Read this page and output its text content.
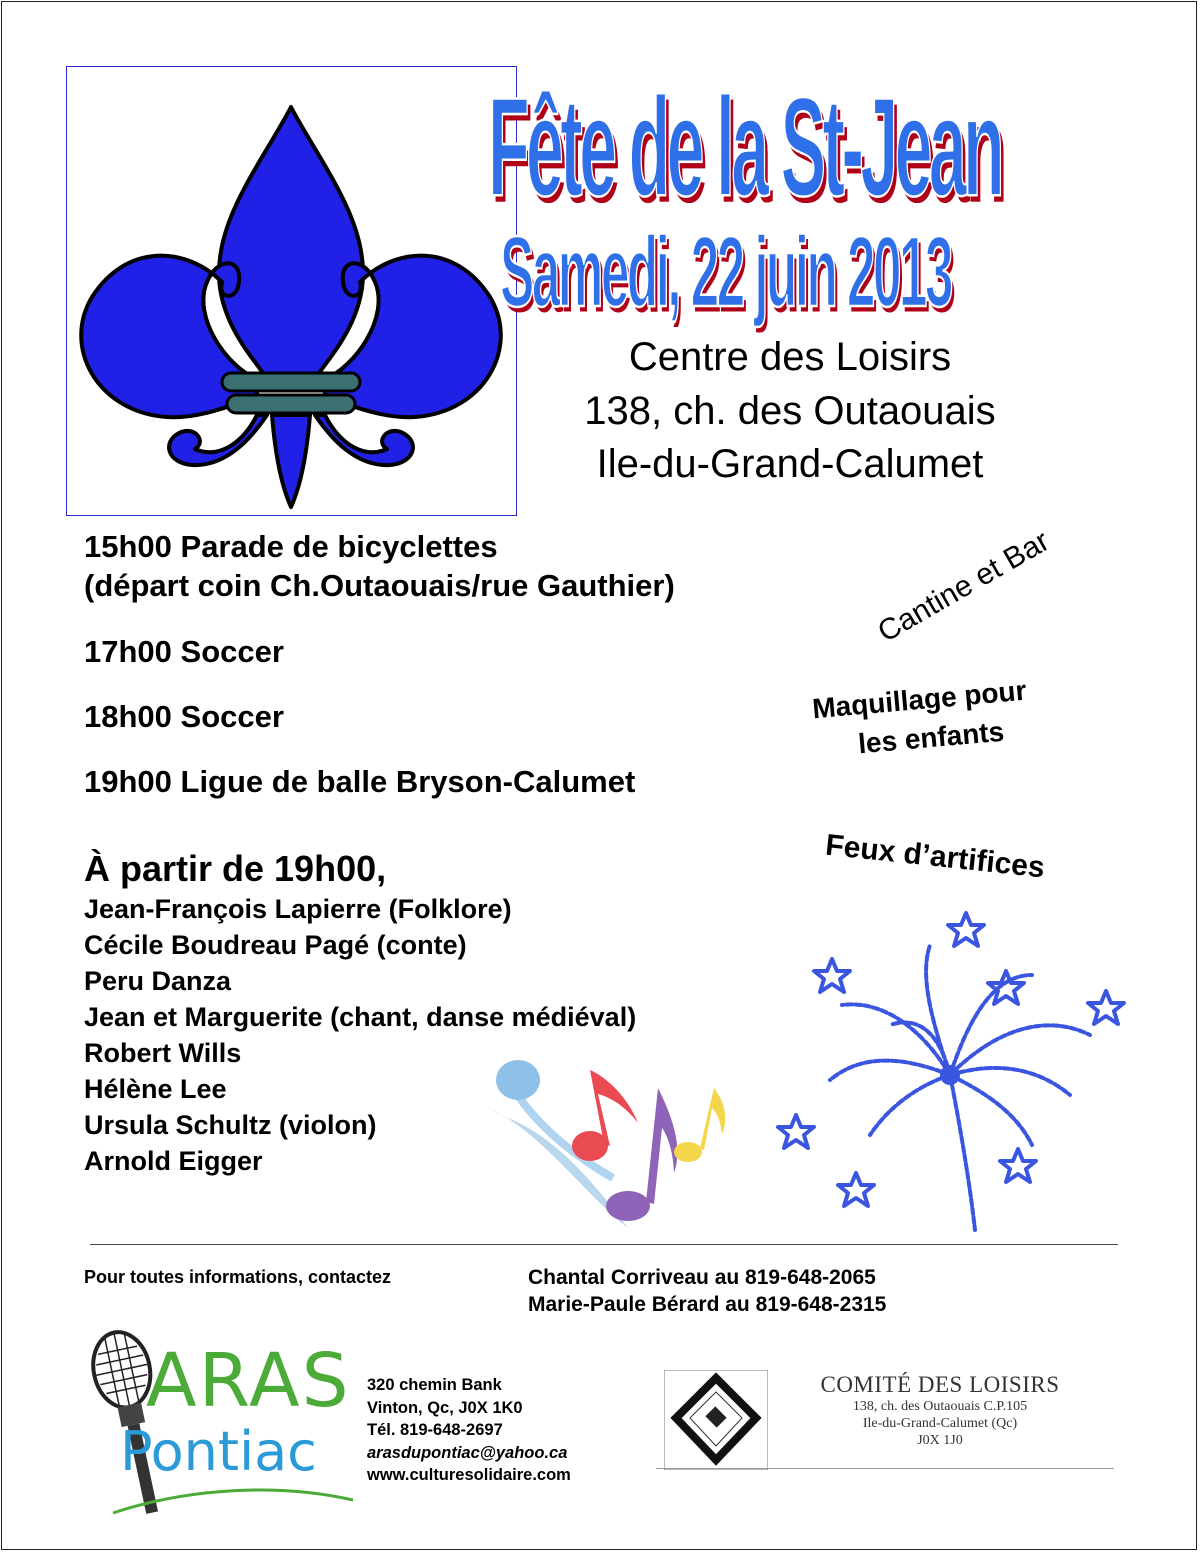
Fête de la St-Jean
Samedi, 22 juin 2013
Centre des Loisirs
138, ch. des Outaouais
Ile-du-Grand-Calumet
15h00 Parade de bicyclettes
(départ coin Ch.Outaouais/rue Gauthier)
17h00 Soccer
18h00 Soccer
19h00 Ligue de balle Bryson-Calumet
À partir de 19h00,
Jean-François Lapierre (Folklore)
Cécile Boudreau Pagé (conte)
Peru Danza
Jean et Marguerite (chant, danse médiéval)
Robert Wills
Hélène Lee
Ursula Schultz (violon)
Arnold Eigger
Cantine et Bar
Maquillage pour
les enfants
Feux d’artifices
Pour toutes informations, contactez	Chantal Corriveau au 819-648-2065
Marie-Paule Bérard au 819-648-2315
ARAS
Pontiac
320 chemin Bank
Vinton, Qc, J0X 1K0
Tél. 819-648-2697
arasdupontiac@yahoo.ca
www.culturesolidaire.com
COMITÉ DES LOISIRS
138, ch. des Outaouais C.P.105
Ile-du-Grand-Calumet (Qc)
J0X 1J0
